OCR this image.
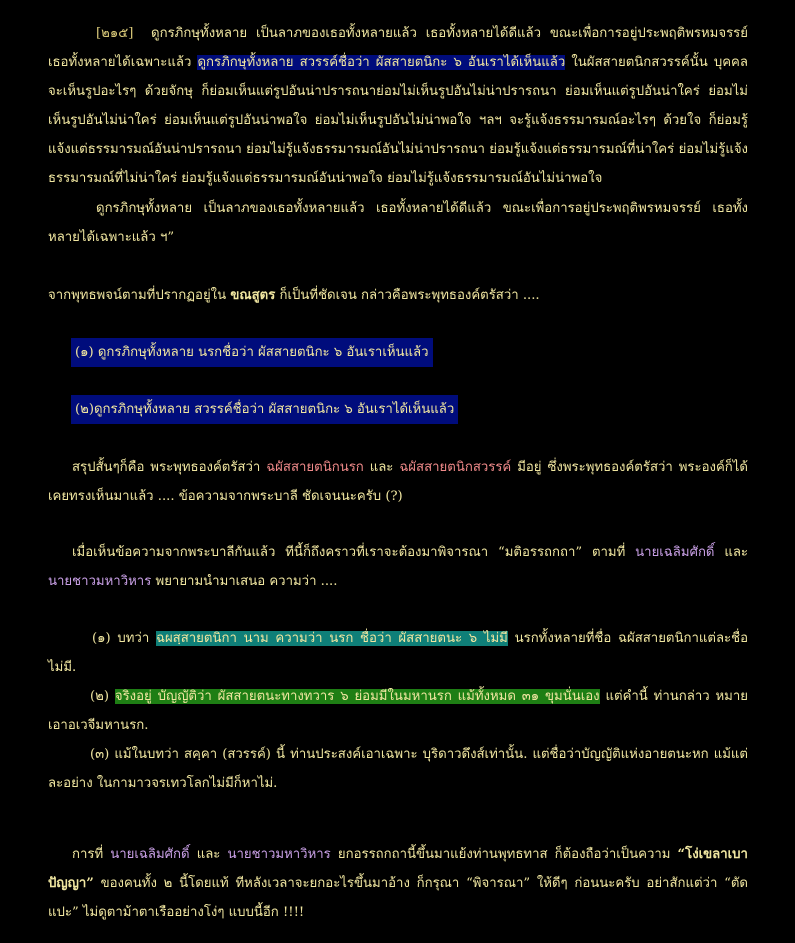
[๒๑๕] ดูกรภิกษุทั้งหลาย เป็นลาภของเธอทั้งหลายแล้ว เธอทั้งหลายได้ดีแล้ว ขณะเพื่อการอยู่ประพฤติพรหมจรรย์ เธอทั้งหลายได้เฉพาะแล้ว ดูกรภิกษุทั้งหลาย สวรรค์ชื่อว่า ผัสสายตนิกะ ๖ อันเราได้เห็นแล้ว ในผัสสายตนิกสวรรค์นั้น บุคคลจะเห็นรูปอะไรๆ ด้วยจักษุ ก็ย่อมเห็นแต่รูปอันน่าปรารถนาย่อมไม่เห็นรูปอันไม่น่าปรารถนา ย่อมเห็นแต่รูปอันน่าใคร่ ย่อมไม่เห็นรูปอันไม่น่าใคร่ ย่อมเห็นแต่รูปอันน่าพอใจ ย่อมไม่เห็นรูปอันไม่น่าพอใจ ฯลฯ จะรู้แจ้งธรรมารมณ์อะไรๆ ด้วยใจ ก็ย่อมรู้แจ้งแต่ธรรมารมณ์อันน่าปรารถนา ย่อมไม่รู้แจ้งธรรมารมณ์อันไม่น่าปรารถนา ย่อมรู้แจ้งแต่ธรรมารมณ์ที่น่าใคร่ ย่อมไม่รู้แจ้งธรรมารมณ์ที่ไม่น่าใคร่ ย่อมรู้แจ้งแต่ธรรมารมณ์อันน่าพอใจ ย่อมไม่รู้แจ้งธรรมารมณ์อันไม่น่าพอใจ
ดูกรภิกษุทั้งหลาย เป็นลาภของเธอทั้งหลายแล้ว เธอทั้งหลายได้ดีแล้ว ขณะเพื่อการอยู่ประพฤติพรหมจรรย์ เธอทั้งหลายได้เฉพาะแล้ว ฯ”
จากพุทธพจน์ตามที่ปรากฏอยู่ใน ขณสูตร ก็เป็นที่ชัดเจน กล่าวคือพระพุทธองค์ตรัสว่า ....
(๑) ดูกรภิกษุทั้งหลาย นรกชื่อว่า ผัสสายตนิกะ ๖ อันเราเห็นแล้ว
(๒)ดูกรภิกษุทั้งหลาย สวรรค์ชื่อว่า ผัสสายตนิกะ ๖ อันเราได้เห็นแล้ว
สรุปสั้นๆก็คือ พระพุทธองค์ตรัสว่า ฉผัสสายตนิกนรก และ ฉผัสสายตนิกสวรรค์ มีอยู่ ซึ่งพระพุทธองค์ตรัสว่า พระองค์ก็ได้เคยทรงเห็นมาแล้ว .... ข้อความจากพระบาลี ชัดเจนนะครับ (?)
เมื่อเห็นข้อความจากพระบาลีกันแล้ว ทีนี้ก็ถึงคราวที่เราจะต้องมาพิจารณา “มติอรรถกถา” ตามที่ นายเฉลิมศักดิ์ และ นายชาวมหาวิหาร พยายามนำมาเสนอ ความว่า ....
(๑) บทว่า ฉผสฺสายตนิกา นาม ความว่า นรก ชื่อว่า ผัสสายตนะ ๖ ไม่มี นรกทั้งหลายที่ชื่อ ฉผัสสายตนิกาแต่ละชื่อไม่มี.
(๒) จริงอยู่ บัญญัติว่า ผัสสายตนะทางทวาร ๖ ย่อมมีในมหานรก แม้ทั้งหมด ๓๑ ขุมนั่นเอง แต่คำนี้ ท่านกล่าว หมายเอาอเวจีมหานรก.
(๓) แม้ในบทว่า สคฺคา (สวรรค์) นี้ ท่านประสงค์เอาเฉพาะ บุริดาวดึงส์เท่านั้น. แต่ชื่อว่าบัญญัติแห่งอายตนะหก แม้แต่ละอย่าง ในกามาวจรเทวโลกไม่มีก็หาไม่.
การที่ นายเฉลิมศักดิ์ และ นายชาวมหาวิหาร ยกอรรถกถานี้ขึ้นมาแย้งท่านพุทธทาส ก็ต้องถือว่าเป็นความ “โง่เขลาเบาปัญญา” ของคนทั้ง ๒ นี้โดยแท้ ทีหลังเวลาจะยกอะไรขึ้นมาอ้าง ก็กรุณา “พิจารณา” ให้ดีๆ ก่อนนะครับ อย่าสักแต่ว่า “ตัดแปะ” ไม่ดูตาม้าตาเรืออย่างโง่ๆ แบบนี้อีก !!!!
